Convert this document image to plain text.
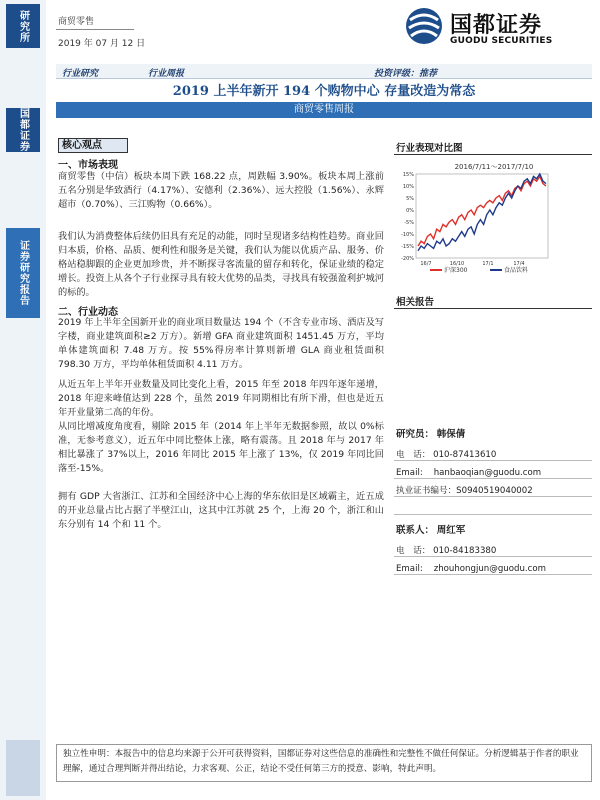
研究所
国都证券
证券研究报告
商贸零售
2019 年 07 月 12 日
国都证券
GUODU SECURITIES
行业研究	行业周报	投资评级：推荐
2019 上半年新开 194 个购物中心 存量改造为常态
商贸零售周报
核心观点
一、市场表现
商贸零售（中信）板块本周下跌 168.22 点，周跌幅 3.90%。板块本周上涨前五名分别是华致酒行（4.17%）、安德利（2.36%）、远大控股（1.56%）、永辉超市（0.70%）、三江购物（0.66%）。
我们认为消费整体后续仍旧具有充足的动能，同时呈现诸多结构性趋势。商业回归本质，价格、品质、便利性和服务是关键，我们认为能以优质产品、服务、价格站稳脚跟的企业更加珍贵，并不断探寻客流量的留存和转化，保证业绩的稳定增长。投资上从各个子行业探寻具有较大优势的品类，寻找具有较强盈利护城河的标的。
二、行业动态
2019 年上半年全国新开业的商业项目数量达 194 个（不含专业市场、酒店及写字楼，商业建筑面积≥2 万方）。新增 GFA 商业建筑面积 1451.45 万方，平均单体建筑面积 7.48 万方。按 55%得房率计算则新增 GLA 商业租赁面积 798.30 万方，平均单体租赁面积 4.11 万方。
从近五年上半年开业数量及同比变化上看，2015 年至 2018 年四年逐年递增，2018 年迎来峰值达到 228 个，虽然 2019 年同期相比有所下滑，但也是近五年开业量第二高的年份。
从同比增减度角度看，剔除 2015 年（2014 年上半年无数据参照，故以 0%标准，无参考意义），近五年中同比整体上涨，略有震荡。且 2018 年与 2017 年相比暴涨了 37%以上，2016 年同比 2015 年上涨了 13%，仅 2019 年同比回落至-15%。
拥有 GDP 大省浙江、江苏和全国经济中心上海的华东依旧是区域霸主，近五成的开业总量占比占据了半壁江山，这其中江苏就 25 个，上海 20 个，浙江和山东分别有 14 个和 11 个。
行业表现对比图
2016/7/11～2017/7/10
15%
10%
5%
0%
-5%
-10%
-15%
-20%
16/7	16/10	17/1	17/4
沪深300	食品饮料
相关报告
研究员： 韩保倩
电　话： 010-87413610
Email: hanbaoqian@guodu.com
执业证书编号：S0940519040002
联系人： 周红军
电　话： 010-84183380
Email: zhouhongjun@guodu.com
独立性申明：本报告中的信息均来源于公开可获得资料，国都证券对这些信息的准确性和完整性不做任何保证。分析逻辑基于作者的职业理解，通过合理判断并得出结论，力求客观、公正，结论不受任何第三方的授意、影响，特此声明。
